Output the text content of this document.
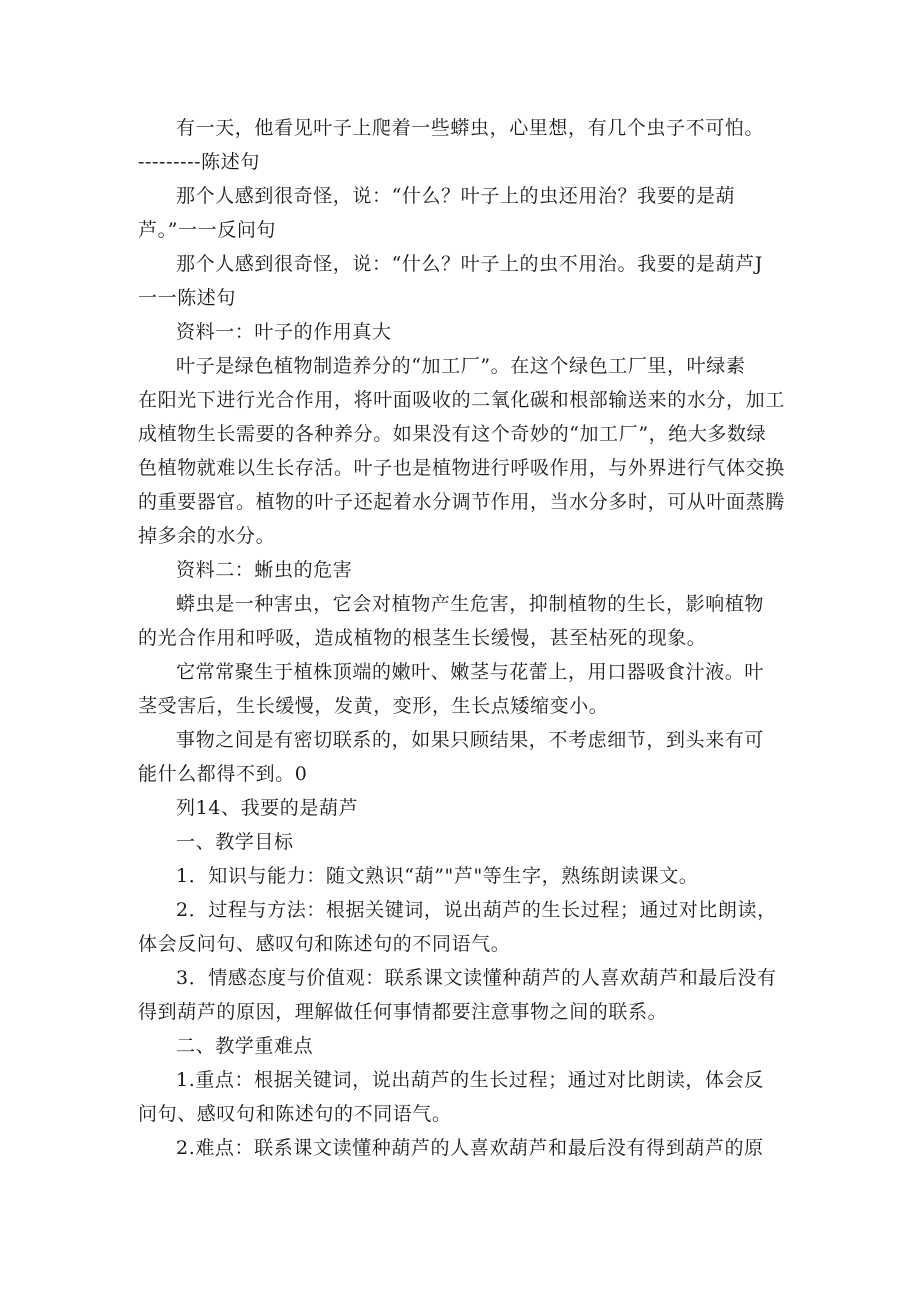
有一天，他看见叶子上爬着一些蟒虫，心里想，有几个虫子不可怕。
---------陈述句
那个人感到很奇怪，说：“什么？叶子上的虫还用治？我要的是葫
芦。”一一反问句
那个人感到很奇怪，说：“什么？叶子上的虫不用治。我要的是葫芦J
一一陈述句
资料一：叶子的作用真大
叶子是绿色植物制造养分的“加工厂”。在这个绿色工厂里，叶绿素
在阳光下进行光合作用，将叶面吸收的二氧化碳和根部输送来的水分，加工
成植物生长需要的各种养分。如果没有这个奇妙的“加工厂”，绝大多数绿
色植物就难以生长存活。叶子也是植物进行呼吸作用，与外界进行气体交换
的重要器官。植物的叶子还起着水分调节作用，当水分多时，可从叶面蒸腾
掉多余的水分。
资料二：蜥虫的危害
蟒虫是一种害虫，它会对植物产生危害，抑制植物的生长，影响植物
的光合作用和呼吸，造成植物的根茎生长缓慢，甚至枯死的现象。
它常常聚生于植株顶端的嫩叶、嫩茎与花蕾上，用口器吸食汁液。叶
茎受害后，生长缓慢，发黄，变形，生长点矮缩变小。
事物之间是有密切联系的，如果只顾结果，不考虑细节，到头来有可
能什么都得不到。0
列14、我要的是葫芦
一、教学目标
1．知识与能力：随文熟识“葫”"芦"等生字，熟练朗读课文。
2．过程与方法：根据关键词，说出葫芦的生长过程；通过对比朗读，
体会反问句、感叹句和陈述句的不同语气。
3．情感态度与价值观：联系课文读懂种葫芦的人喜欢葫芦和最后没有
得到葫芦的原因，理解做任何事情都要注意事物之间的联系。
二、教学重难点
1.重点：根据关键词，说出葫芦的生长过程；通过对比朗读，体会反
问句、感叹句和陈述句的不同语气。
2.难点：联系课文读懂种葫芦的人喜欢葫芦和最后没有得到葫芦的原
